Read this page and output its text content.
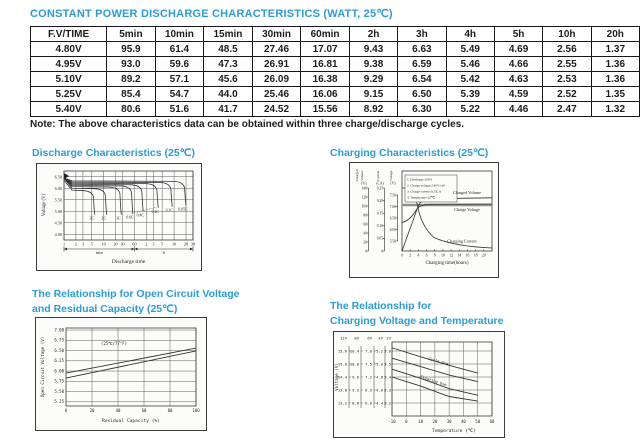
CONSTANT POWER DISCHARGE CHARACTERISTICS (WATT, 25℃)
F.V/TIME	5min	10min	15min	30min	60min	2h	3h	4h	5h	10h	20h
4.80V	95.9	61.4	48.5	27.46	17.07	9.43	6.63	5.49	4.69	2.56	1.37
4.95V	93.0	59.6	47.3	26.91	16.81	9.38	6.59	5.46	4.66	2.55	1.36
5.10V	89.2	57.1	45.6	26.09	16.38	9.29	6.54	5.42	4.63	2.53	1.36
5.25V	85.4	54.7	44.0	25.46	16.06	9.15	6.50	5.39	4.59	2.52	1.35
5.40V	80.6	51.6	41.7	24.52	15.56	8.92	6.30	5.22	4.46	2.47	1.32
Note: The above characteristics data can be obtained within three charge/discharge cycles.
Discharge Characteristics (25℃)	Charging Characteristics (25℃)
The Relationship for Open Circuit Voltage
and Residual Capacity (25℃)	The Relationship for
Charging Voltage and Temperature
6.50
6.00
5.50
5.00
4.50
4.00
3C 2C	1C 0.6C
0.4C
0.2C 0.1C 0.05C
1 2 3 5 10 20 30 60 2 3 5 10 20 30
min	h
Discharge time
Voltage (V)
Charged Volume
(%)
140
120
100
80
60
40
20
0
Current
(CA)
0.25
0.20
0.15
0.10
0.05
0
Voltage
(V)
7.50
7.00
6.50
6.00
5.50
0 2 4 6 8 10 12 14 16 18 20
Charging time(hours)
1. Discharge:100%
2. Charge voltage:2.40V/cell
3. Charge current:0.25CA
4. Temperature:25℃
Charged Volume
Charge Voltage
Charging Current
7.00
6.75
6.50
6.25
6.00
5.75
5.50
5.25
0	20	40	60	80	100
(25℃/77°F)
Open Circuit Voltage (V)
Residual Capacity (%)	-10 0	10 20 30 40 50 60
12V
15.6
15.0
14.4
13.8
13.2
8V
10.4
10.0
9.6
9.2
8.8
6V
7.8
7.5
7.2
6.9
6.6
4V
5.2
5.0
4.8
4.6
4.4
2V
2.6
2.5
2.4
2.3
2.2
Voltage (V)
Temperature (℃)
Cycle Use
Floating Use
